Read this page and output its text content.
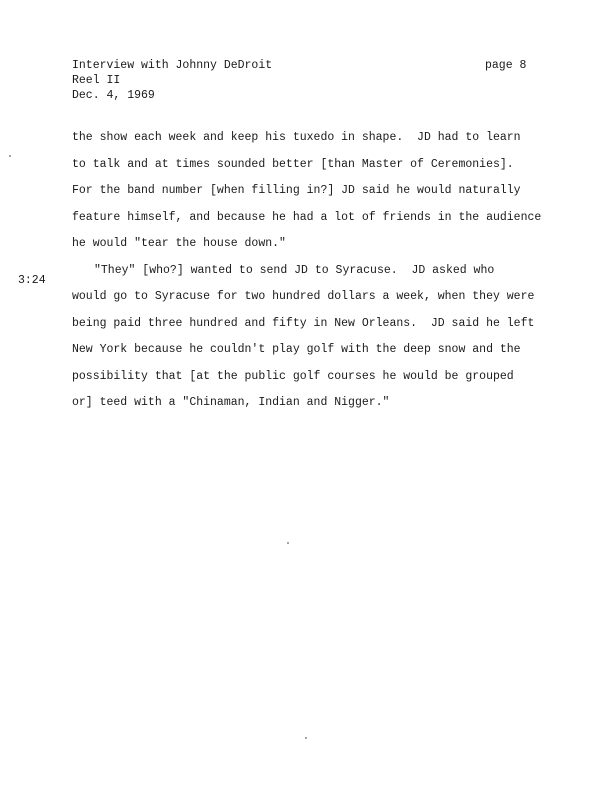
Interview with Johnny DeDroit
Reel II
Dec. 4, 1969
page 8
3:24

the show each week and keep his tuxedo in shape.  JD had to learn
to talk and at times sounded better [than Master of Ceremonies].
For the band number [when filling in?] JD said he would naturally
feature himself, and because he had a lot of friends in the audience
he would "tear the house down."

"They" [who?] wanted to send JD to Syracuse.  JD asked who
would go to Syracuse for two hundred dollars a week, when they were
being paid three hundred and fifty in New Orleans.  JD said he left
New York because he couldn't play golf with the deep snow and the
possibility that [at the public golf courses he would be grouped
or] teed with a "Chinaman, Indian and Nigger."
